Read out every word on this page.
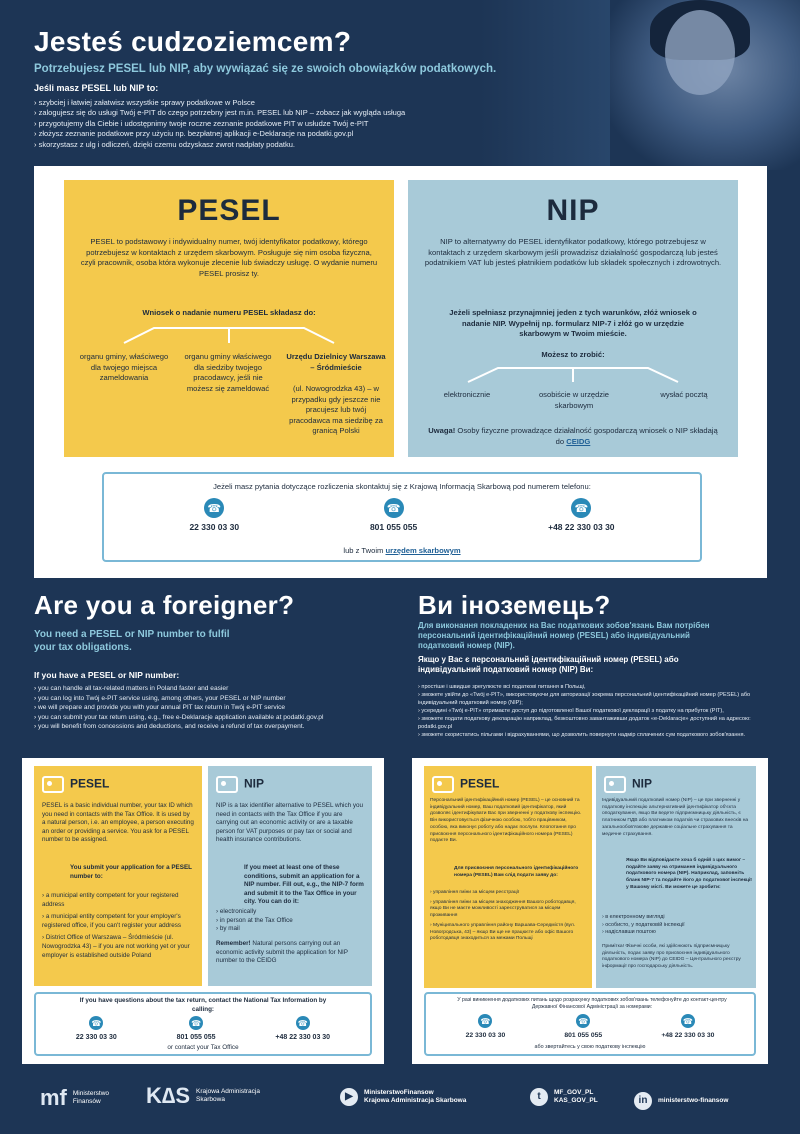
Jesteś cudzoziemcem?
Potrzebujesz PESEL lub NIP, aby wywiązać się ze swoich obowiązków podatkowych.
Jeśli masz PESEL lub NIP to:
› szybciej i łatwiej załatwisz wszystkie sprawy podatkowe w Polsce
› zalogujesz się do usługi Twój e-PIT do czego potrzebny jest m.in. PESEL lub NIP – zobacz jak wygląda usługa
› przygotujemy dla Ciebie i udostępnimy twoje roczne zeznanie podatkowe PIT w usłudze Twój e-PIT
› złożysz zeznanie podatkowe przy użyciu np. bezpłatnej aplikacji e-Deklaracje na podatki.gov.pl
› skorzystasz z ulg i odliczeń, dzięki czemu odzyskasz zwrot nadpłaty podatku.
PESEL
PESEL to podstawowy i indywidualny numer, twój identyfikator podatkowy, którego potrzebujesz w kontaktach z urzędem skarbowym. Posługuje się nim osoba fizyczna, czyli pracownik, osoba która wykonuje zlecenie lub świadczy usługę. O wydanie numeru PESEL prosisz ty.
Wniosek o nadanie numeru PESEL składasz do:
organu gminy, właściwego dla twojego miejsca zameldowania
organu gminy właściwego dla siedziby twojego pracodawcy, jeśli nie możesz się zameldować
Urzędu Dzielnicy Warszawa – Śródmieście
(ul. Nowogrodzka 43) – w przypadku gdy jeszcze nie pracujesz lub twój pracodawca ma siedzibę za granicą Polski
NIP
NIP to alternatywny do PESEL identyfikator podatkowy, którego potrzebujesz w kontaktach z urzędem skarbowym jeśli prowadzisz działalność gospodarczą lub jesteś podatnikiem VAT lub jesteś płatnikiem podatków lub składek społecznych i zdrowotnych.
Jeżeli spełniasz przynajmniej jeden z tych warunków, złóż wniosek o nadanie NIP. Wypełnij np. formularz NIP-7 i złóż go w urzędzie skarbowym w Twoim mieście.
Możesz to zrobić:
elektronicznie	osobiście w urzędzie skarbowym
wysłać pocztą
Uwaga! Osoby fizyczne prowadzące działalność gospodarczą wniosek o NIP składają do CEIDG
Jeżeli masz pytania dotyczące rozliczenia skontaktuj się z Krajową Informacją Skarbową pod numerem telefonu:
☎
22 330 03 30
☎
801 055 055
☎
+48 22 330 03 30
lub z Twoim urzędem skarbowym
Are you a foreigner?
You need a PESEL or NIP number to fulfil your tax obligations.
If you have a PESEL or NIP number:
› you can handle all tax-related matters in Poland faster and easier
› you can log into Twój e-PIT service using, among others, your PESEL or NIP number
› we will prepare and provide you with your annual PIT tax return in Twój e-PIT service
› you can submit your tax return using, e.g., free e-Deklaracje application available at podatki.gov.pl
› you will benefit from concessions and deductions, and receive a refund of tax overpayment.
Ви іноземець?
Для виконання покладених на Вас податкових зобов'язань Вам потрібен персональний ідентифікаційний номер (PESEL) або індивідуальний податковий номер (NIP).
Якщо у Вас є персональний ідентифікаційний номер (PESEL) або індивідуальний податковий номер (NIP) Ви:
› простіше і швидше зрегулюєте всі податкові питання в Польщі,
› зможете увійти до «Twój e-PIT», використовуючи для авторизації зокрема персональний ідентифікаційний номер (PESEL) або індивідуальний податковий номер (NIP);
› усередині «Twój e-PIT» отримаєте доступ до підготовленої Вашої податкової декларації з податку на прибуток (PIT),
› зможете подати податкову декларацію наприклад, безкоштовно завантаживши додаток «e-Deklaracje» доступний на адресою: podatki.gov.pl
› зможете скористатись пільгами і відрахуваннями, що дозволить повернути надмір сплачених сум податкового зобов'язання.
PESEL
PESEL is a basic individual number, your tax ID which you need in contacts with the Tax Office. It is used by a natural person, i.e. an employee, a person executing an order or providing a service. You ask for a PESEL number to be assigned.
You submit your application for a PESEL number to:
› a municipal entity competent for your registered address
› a municipal entity competent for your employer's registered office, if you can't register your address
› District Office of Warszawa – Śródmieście (ul. Nowogrodzka 43) – if you are not working yet or your employer is established outside Poland
NIP
NIP is a tax identifier alternative to PESEL which you need in contacts with the Tax Office if you are carrying out an economic activity or are a taxable person for VAT purposes or pay tax or social and health insurance contributions.
If you meet at least one of these conditions, submit an application for a NIP number. Fill out, e.g., the NIP-7 form and submit it to the Tax Office in your city. You can do it:
› electronically
› in person at the Tax Office
› by mail
Remember! Natural persons carrying out an economic activity submit the application for NIP number to the CEIDG
If you have questions about the tax return, contact the National Tax Information by calling:
☎
22 330 03 30
☎
801 055 055
☎
+48 22 330 03 30
or contact your Tax Office
PESEL
Персональний ідентифікаційний номер (PESEL) – це основний та індивідуальний номер, Ваш податковий ідентифікатор, який дозволяє ідентифікувати Вас при зверненні у податкову інспекцію. Він використовується фізичною особою, тобто працівником, особою, яка виконує роботу або надає послуги. Клопотання про присвоєння персонального ідентифікаційного номера (PESEL) подаєте Ви.
Для присвоєння персонального ідентифікаційного номера (PESEL) Вам слід подати заяву до:
› управління гміни за місцем реєстрації
› управління гміни за місцем знаходження Вашого роботодавця, якщо Ви не маєте можливості зареєструватися за місцем проживання
› Муніципального управління району Варшава-Середмістя (вул. Новогродська, 43) – якщо Ви ще не працюєте або офіс Вашого роботодавця знаходиться за межами Польщі
NIP
Індивідуальний податковий номер (NIP) – це при зверненні у податкову інспекцію альтернативний ідентифікатор об'єкта оподаткування, якщо Ви ведете підприємницьку діяльність, є платником ПДВ або платником податків чи страхових внесків на загальнообов'язкове державне соціальне страхування та медичне страхування.
Якщо Ви відповідаєте хоча б одній з цих вимог – подайте заяву на отримання індивідуального податкового номера (NIP). Наприклад, заповніть бланк NIP-7 та подайте його до податкової інспекції у Вашому місті. Ви можете це зробити:
› в електронному вигляді
› особисто, у податковій інспекції
› надіславши поштою
Примітка! Фізичні особи, які здійснюють підприємницьку діяльність, подає заяву про присвоєння індивідуального податкового номера (NIP) до CEIDG – Центрального реєстру інформації про господарську діяльність.
У разі виникнення додаткових питань щодо розрахунку податкових зобов'язань телефонуйте до контакт-центру Державної Фінансової Адміністрації за номерами:
☎
22 330 03 30
☎
801 055 055
☎
+48 22 330 03 30
або звертайтесь у свою податкову інспекцію
mf Ministerstwo
Finansów	K∆S Krajowa Administracja
Skarbowa	▶	MinisterstwoFinansow
Krajowa Administracja Skarbowa	t	MF_GOV_PL
KAS_GOV_PL	in	ministerstwo-finansow
